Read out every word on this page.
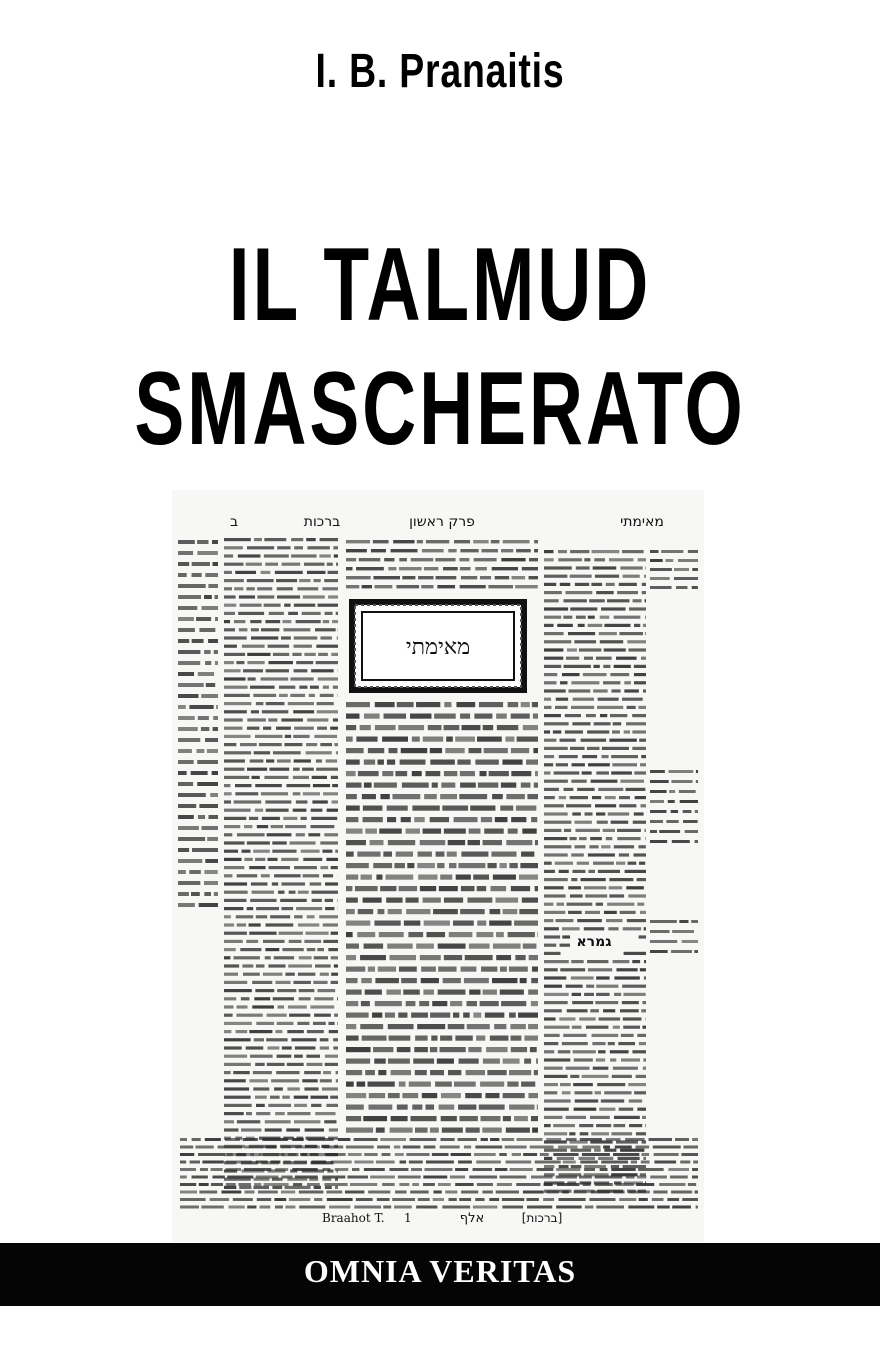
I. B. Pranaitis
IL TALMUD
SMASCHERATO
מאימתי
פרק ראשון
ברכות
ב
מאימתי
גמרא
Braahot T. 1	אלף	[ברכות]
OMNIA VERITAS
